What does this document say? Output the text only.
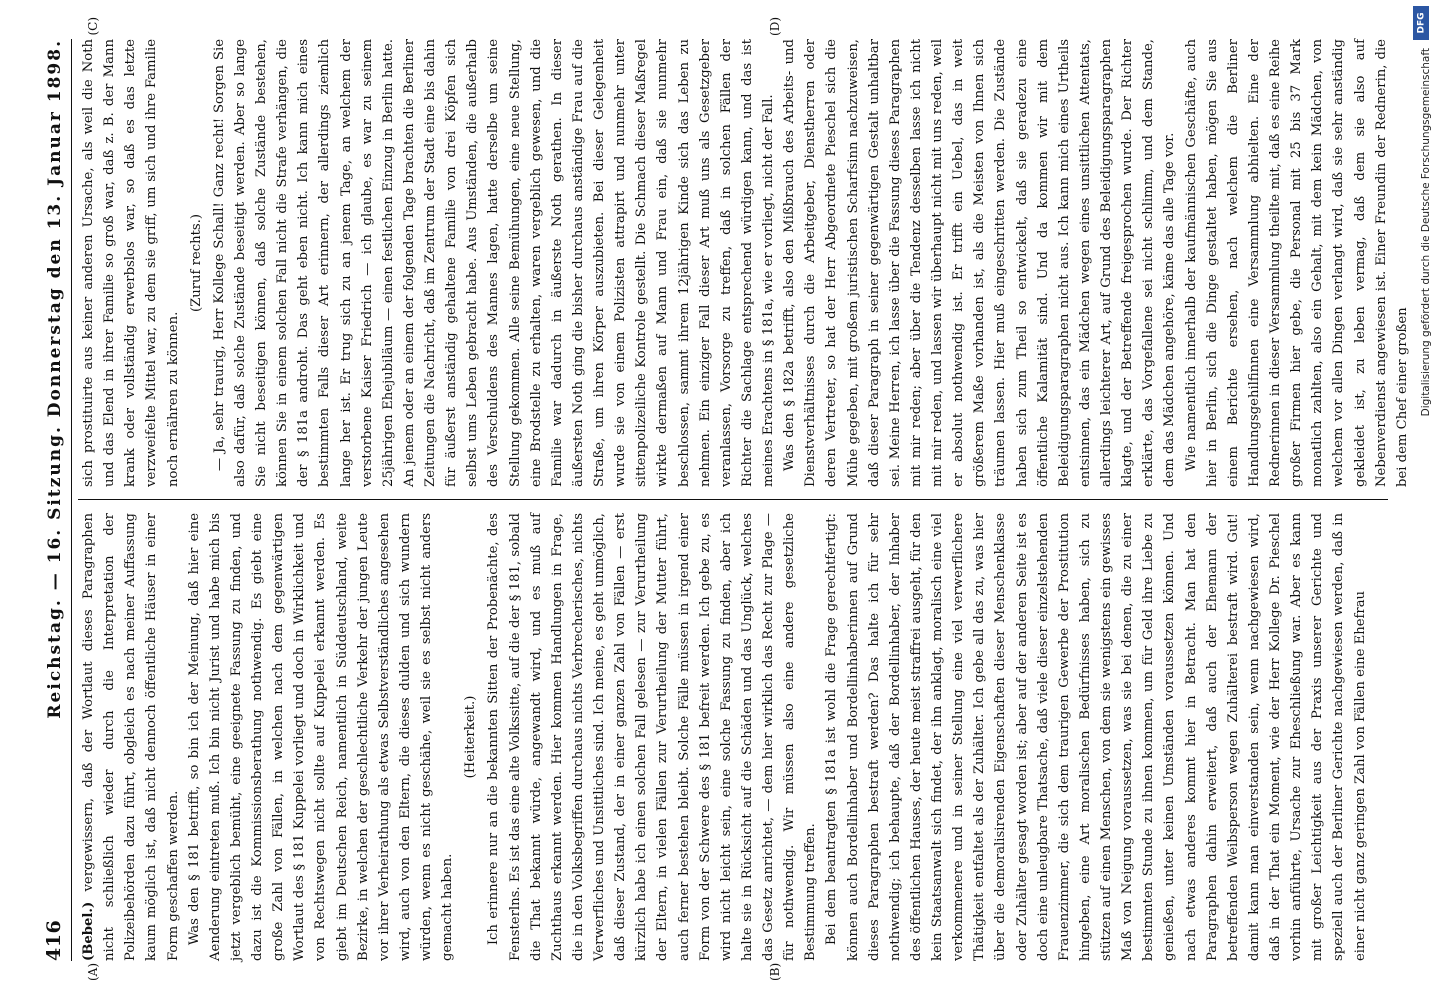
416
Reichstag. — 16. Sitzung. Donnerstag den 13. Januar 1898.
(A)	(B)
(C)	(D)

(Bebel.) vergewissern, daß der Wortlaut dieses Paragraphen nicht schließlich wieder durch die Interpretation der Polizeibehörden dazu führt, obgleich es nach meiner Auffassung kaum möglich ist, daß nicht dennoch öffentliche Häuser in einer Form geschaffen werden. Was den § 181 betrifft, so bin ich der Meinung, daß hier eine Aenderung eintreten muß. Ich bin nicht Jurist und habe mich bis jetzt vergeblich bemüht, eine geeignete Fassung zu finden, und dazu ist die Kommissionsberathung nothwendig. Es giebt eine große Zahl von Fällen, in welchen nach dem gegenwärtigen Wortlaut des § 181 Kuppelei vorliegt und doch in Wirklichkeit und von Rechtswegen nicht sollte auf Kuppelei erkannt werden. Es giebt im Deutschen Reich, namentlich in Süddeutschland, weite Bezirke, in welchen der geschlechtliche Verkehr der jungen Leute vor ihrer Verheirathung als etwas Selbstverständliches angesehen wird, auch von den Eltern, die dieses dulden und sich wundern würden, wenn es nicht geschähe, weil sie es selbst nicht anders gemacht haben.

(Heiterkeit.) Ich erinnere nur an die bekannten Sitten der Probenächte, des Fensterlns. Es ist das eine alte Volkssitte, auf die der § 181, sobald die That bekannt würde, angewandt wird, und es muß auf Zuchthaus erkannt werden. Hier kommen Handlungen in Frage, die in den Volksbegriffen durchaus nichts Verbrecherisches, nichts Verwerfliches und Unsittliches sind. Ich meine, es geht unmöglich, daß dieser Zustand, der in einer ganzen Zahl von Fällen — erst kürzlich habe ich einen solchen Fall gelesen — zur Verurtheilung der Eltern, in vielen Fällen zur Verurtheilung der Mutter führt, auch ferner bestehen bleibt. Solche Fälle müssen in irgend einer Form von der Schwere des § 181 befreit werden. Ich gebe zu, es wird nicht leicht sein, eine solche Fassung zu finden, aber ich halte sie in Rücksicht auf die Schäden und das Unglück, welches das Gesetz anrichtet, — dem hier wirklich das Recht zur Plage — für nothwendig. Wir müssen also eine andere gesetzliche Bestimmung treffen. Bei dem beantragten § 181a ist wohl die Frage gerechtfertigt: können auch Bordellinhaber und Bordellinhaberinnen auf Grund dieses Paragraphen bestraft werden? Das halte ich für sehr nothwendig; ich behaupte, daß der Bordellinhaber, der Inhaber des öffentlichen Hauses, der heute meist straffrei ausgeht, für den kein Staatsanwalt sich findet, der ihn anklagt, moralisch eine viel verkommenere und in seiner Stellung eine viel verwerflichere Thätigkeit entfaltet als der Zuhälter. Ich gebe all das zu, was hier über die demoralisirenden Eigenschaften dieser Menschenklasse oder Zuhälter gesagt worden ist; aber auf der anderen Seite ist es doch eine unleugbare Thatsache, daß viele dieser einzelstehenden Frauenzimmer, die sich dem traurigen Gewerbe der Prostitution hingeben, eine Art moralischen Bedürfnisses haben, sich zu stützen auf einen Menschen, von dem sie wenigstens ein gewisses Maß von Neigung voraussetzen, was sie bei denen, die zu einer bestimmten Stunde zu ihnen kommen, um für Geld ihre Liebe zu genießen, unter keinen Umständen voraussetzen können. Und nach etwas anderes kommt hier in Betracht. Man hat den Paragraphen dahin erweitert, daß auch der Ehemann der betreffenden Weibsperson wegen Zuhälterei bestraft wird. Gut! damit kann man einverstanden sein, wenn nachgewiesen wird, daß in der That ein Moment, wie der Herr Kollege Dr. Pieschel vorhin anführte, Ursache zur Eheschließung war. Aber es kann mit großer Leichtigkeit aus der Praxis unserer Gerichte und speziell auch der Berliner Gerichte nachgewiesen werden, daß in einer nicht ganz geringen Zahl von Fällen eine Ehefrau

sich prostituirte aus keiner anderen Ursache, als weil die Noth und das Elend in ihrer Familie so groß war, daß z. B. der Mann krank oder vollständig erwerbslos war, so daß es das letzte verzweifelte Mittel war, zu dem sie griff, um sich und ihre Familie noch ernähren zu können.

(Zuruf rechts.) — Ja, sehr traurig, Herr Kollege Schall! Ganz recht! Sorgen Sie also dafür, daß solche Zustände beseitigt werden. Aber so lange Sie nicht beseitigen können, daß solche Zustände bestehen, können Sie in einem solchen Fall nicht die Strafe verhängen, die der § 181a androht. Das geht eben nicht. Ich kann mich eines bestimmten Falls dieser Art erinnern, der allerdings ziemlich lange her ist. Er trug sich zu an jenem Tage, an welchem der verstorbene Kaiser Friedrich — ich glaube, es war zu seinem 25jährigen Ehejubiläum — einen festlichen Einzug in Berlin hatte. An jenem oder an einem der folgenden Tage brachten die Berliner Zeitungen die Nachricht, daß im Zentrum der Stadt eine bis dahin für äußerst anständig gehaltene Familie von drei Köpfen sich selbst ums Leben gebracht habe. Aus Umständen, die außerhalb des Verschuldens des Mannes lagen, hatte derselbe um seine Stellung gekommen. Alle seine Bemühungen, eine neue Stellung, eine Brodstelle zu erhalten, waren vergeblich gewesen, und die Familie war dadurch in äußerste Noth gerathen. In dieser äußersten Noth ging die bisher durchaus anständige Frau auf die Straße, um ihren Körper auszubieten. Bei dieser Gelegenheit wurde sie von einem Polizisten attrapirt und nunmehr unter sittenpolizeiliche Kontrole gestellt. Die Schmach dieser Maßregel wirkte dermaßen auf Mann und Frau ein, daß sie nunmehr beschlossen, sammt ihrem 12jährigen Kinde sich das Leben zu nehmen. Ein einziger Fall dieser Art muß uns als Gesetzgeber veranlassen, Vorsorge zu treffen, daß in solchen Fällen der Richter die Sachlage entsprechend würdigen kann, und das ist meines Erachtens in § 181a, wie er vorliegt, nicht der Fall. Was den § 182a betrifft, also den Mißbrauch des Arbeits- und Dienstverhältnisses durch die Arbeitgeber, Dienstherren oder deren Vertreter, so hat der Herr Abgeordnete Pieschel sich die Mühe gegeben, mit großem juristischen Scharfsinn nachzuweisen, daß dieser Paragraph in seiner gegenwärtigen Gestalt unhaltbar sei. Meine Herren, ich lasse über die Fassung dieses Paragraphen mit mir reden; aber über die Tendenz desselben lasse ich nicht mit mir reden, und lassen wir überhaupt nicht mit uns reden, weil er absolut nothwendig ist. Er trifft ein Uebel, das in weit größerem Maße vorhanden ist, als die Meisten von Ihnen sich träumen lassen. Hier muß eingeschritten werden. Die Zustände haben sich zum Theil so entwickelt, daß sie geradezu eine öffentliche Kalamität sind. Und da kommen wir mit dem Beleidigungsparagraphen nicht aus. Ich kann mich eines Urtheils entsinnen, das ein Mädchen wegen eines unsittlichen Attentats, allerdings leichterer Art, auf Grund des Beleidigungsparagraphen klagte, und der Betreffende freigesprochen wurde. Der Richter erklärte, das Vorgefallene sei nicht schlimm, und dem Stande, dem das Mädchen angehöre, käme das alle Tage vor. Wie namentlich innerhalb der kaufmännischen Geschäfte, auch hier in Berlin, sich die Dinge gestaltet haben, mögen Sie aus einem Berichte ersehen, nach welchem die Berliner Handlungsgehilfinnen eine Versammlung abhielten. Eine der Rednerinnen in dieser Versammlung theilte mit, daß es eine Reihe großer Firmen hier gebe, die Personal mit 25 bis 37 Mark monatlich zahlten, also ein Gehalt, mit dem kein Mädchen, von welchem vor allen Dingen verlangt wird, daß sie sehr anständig gekleidet ist, zu leben vermag, daß dem sie also auf Nebenverdienst angewiesen ist. Einer Freundin der Rednerin, die bei dem Chef einer großen

DFG
Digitalisierung gefördert durch die Deutsche Forschungsgemeinschaft
